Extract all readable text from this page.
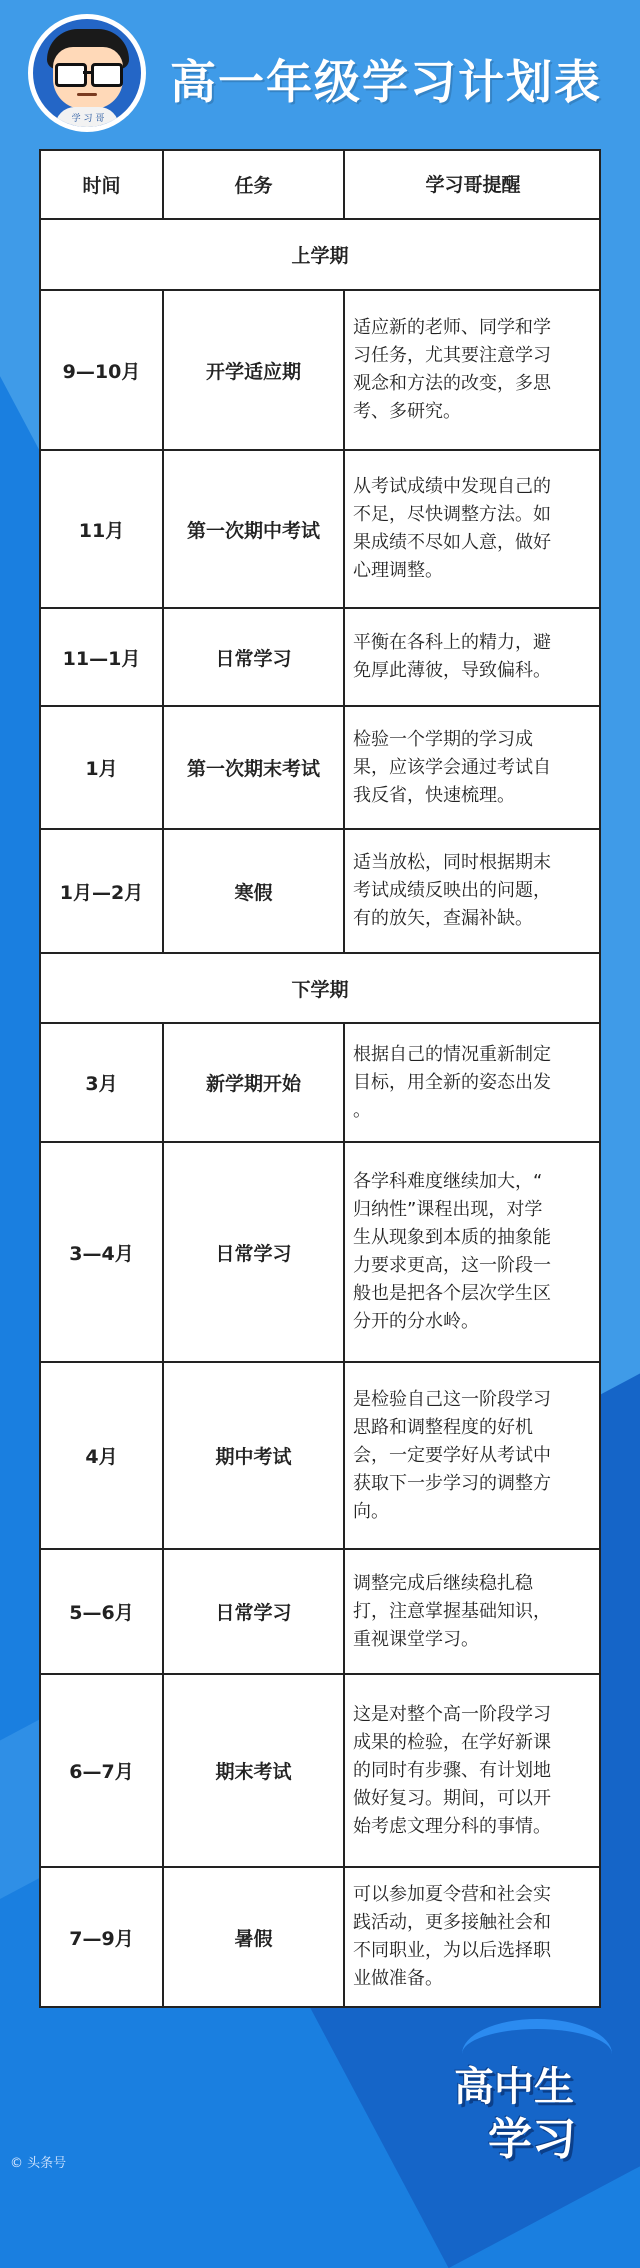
学 习 哥
高一年级学习计划表
时间	任务	学习哥提醒
上学期
9—10月	开学适应期
适应新的老师、同学和学
习任务，尤其要注意学习
观念和方法的改变，多思
考、多研究。
11月	第一次期中考试
从考试成绩中发现自己的
不足，尽快调整方法。如
果成绩不尽如人意，做好
心理调整。
11—1月	日常学习
平衡在各科上的精力，避
免厚此薄彼，导致偏科。
1月	第一次期末考试
检验一个学期的学习成
果，应该学会通过考试自
我反省，快速梳理。
1月—2月	寒假
适当放松，同时根据期末
考试成绩反映出的问题，
有的放矢，查漏补缺。
下学期
3月	新学期开始
根据自己的情况重新制定
目标，用全新的姿态出发
。
3—4月	日常学习
各学科难度继续加大，“
归纳性”课程出现，对学
生从现象到本质的抽象能
力要求更高，这一阶段一
般也是把各个层次学生区
分开的分水岭。
4月	期中考试
是检验自己这一阶段学习
思路和调整程度的好机
会，一定要学好从考试中
获取下一步学习的调整方
向。
5—6月	日常学习
调整完成后继续稳扎稳
打，注意掌握基础知识，
重视课堂学习。
6—7月	期末考试
这是对整个高一阶段学习
成果的检验，在学好新课
的同时有步骤、有计划地
做好复习。期间，可以开
始考虑文理分科的事情。
7—9月	暑假
可以参加夏令营和社会实
践活动，更多接触社会和
不同职业，为以后选择职
业做准备。
高中生
学习
© 头条号
